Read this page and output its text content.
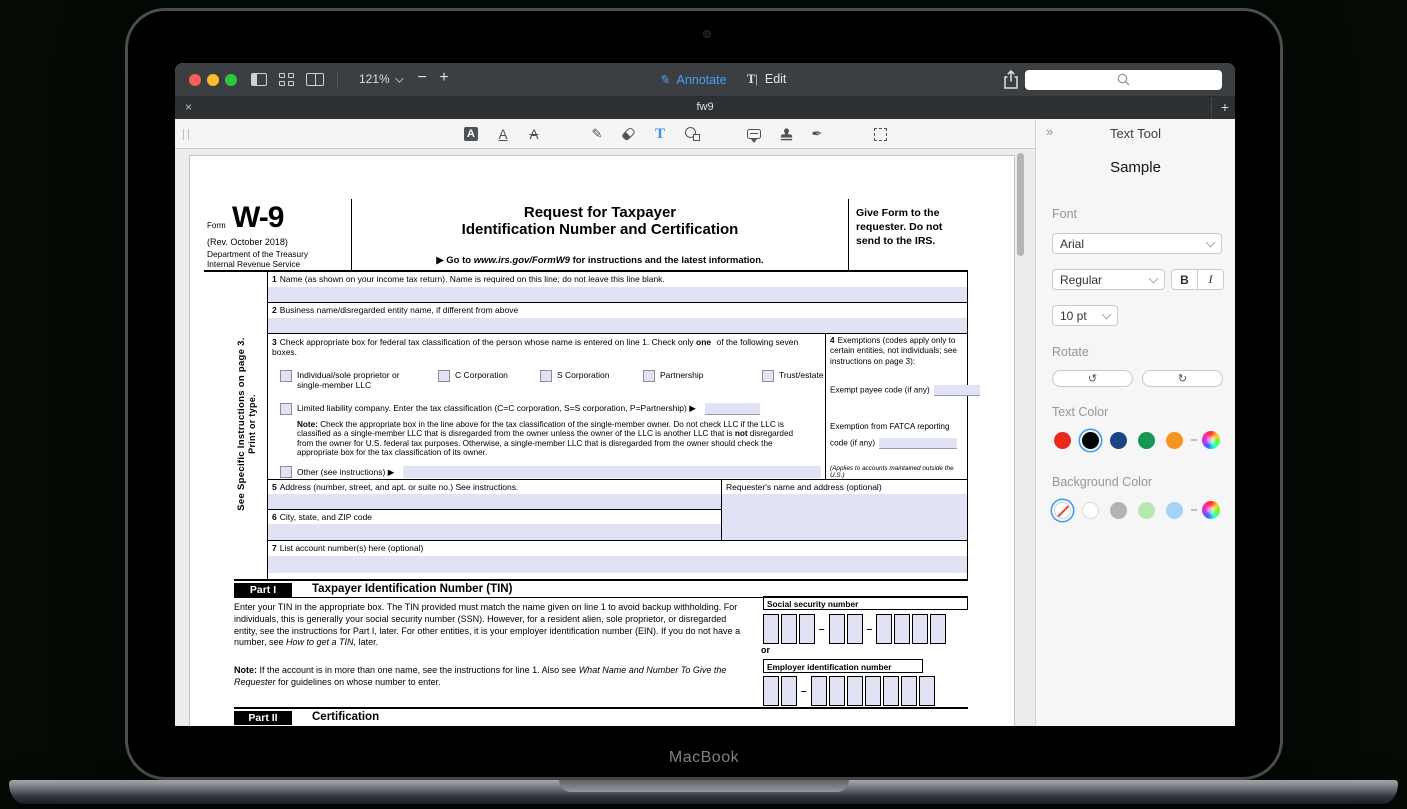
121%	− +	✎ Annotate T| Edit
×	fw9	+
A A A	✎	T	✒
Form W-9
(Rev. October 2018)
Department of the Treasury
Internal Revenue Service
Request for Taxpayer
Identification Number and Certification
▶ Go to www.irs.gov/FormW9 for instructions and the latest information.
Give Form to the requester. Do not send to the IRS.
See Specific Instructions on page 3. Print or type.
1 Name (as shown on your income tax return). Name is required on this line; do not leave this line blank.
2 Business name/disregarded entity name, if different from above
3 Check appropriate box for federal tax classification of the person whose name is entered on line 1. Check only one of the following seven boxes.
Individual/sole proprietor or single-member LLC
C Corporation	S Corporation	Partnership	Trust/estate
Limited liability company. Enter the tax classification (C=C corporation, S=S corporation, P=Partnership) ▶
Note: Check the appropriate box in the line above for the tax classification of the single-member owner. Do not check LLC if the LLC is classified as a single-member LLC that is disregarded from the owner unless the owner of the LLC is another LLC that is not disregarded from the owner for U.S. federal tax purposes. Otherwise, a single-member LLC that is disregarded from the owner should check the appropriate box for the tax classification of its owner.
Other (see instructions) ▶
4 Exemptions (codes apply only to certain entities, not individuals; see instructions on page 3):
Exempt payee code (if any)
Exemption from FATCA reporting
code (if any)
(Applies to accounts maintained outside the U.S.)
5 Address (number, street, and apt. or suite no.) See instructions.
6 City, state, and ZIP code
Requester's name and address (optional)
7 List account number(s) here (optional)
Part I	Taxpayer Identification Number (TIN)
Enter your TIN in the appropriate box. The TIN provided must match the name given on line 1 to avoid backup withholding. For individuals, this is generally your social security number (SSN). However, for a resident alien, sole proprietor, or disregarded entity, see the instructions for Part I, later. For other entities, it is your employer identification number (EIN). If you do not have a number, see How to get a TIN, later.
Note: If the account is in more than one name, see the instructions for line 1. Also see What Name and Number To Give the Requester for guidelines on whose number to enter.
Social security number
–	–
or
Employer identification number
–
Part II	Certification
»	Text Tool
Sample
Font
Arial
Regular	B	I
10 pt
Rotate
↺	↻
Text Color
Background Color
MacBook
